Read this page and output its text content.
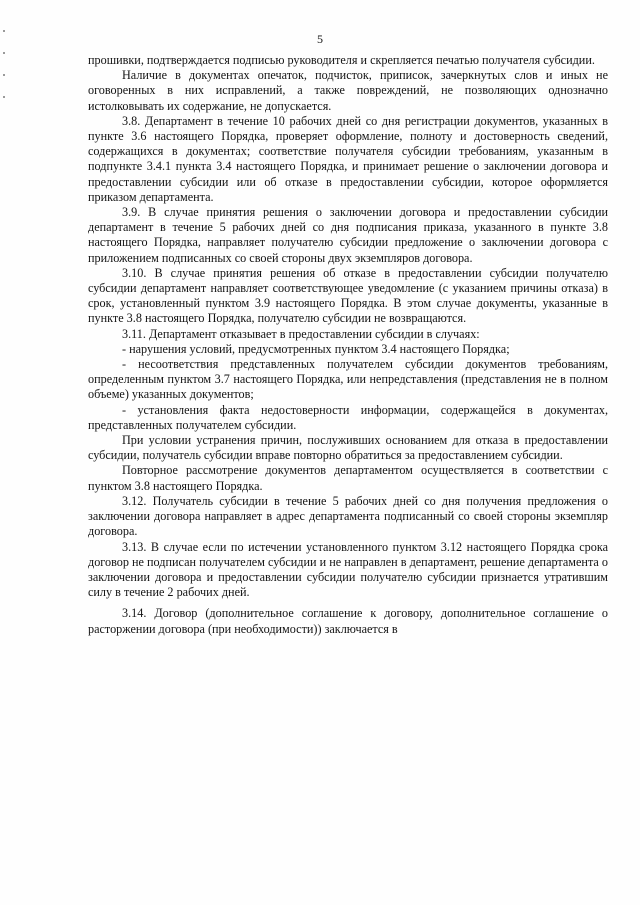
5

прошивки, подтверждается подписью руководителя и скрепляется печатью получателя субсидии.

Наличие в документах опечаток, подчисток, приписок, зачеркнутых слов и иных не оговоренных в них исправлений, а также повреждений, не позволяющих однозначно истолковывать их содержание, не допускается.

3.8. Департамент в течение 10 рабочих дней со дня регистрации документов, указанных в пункте 3.6 настоящего Порядка, проверяет оформление, полноту и достоверность сведений, содержащихся в документах; соответствие получателя субсидии требованиям, указанным в подпункте 3.4.1 пункта 3.4 настоящего Порядка, и принимает решение о заключении договора и предоставлении субсидии или об отказе в предоставлении субсидии, которое оформляется приказом департамента.

3.9. В случае принятия решения о заключении договора и предоставлении субсидии департамент в течение 5 рабочих дней со дня подписания приказа, указанного в пункте 3.8 настоящего Порядка, направляет получателю субсидии предложение о заключении договора с приложением подписанных со своей стороны двух экземпляров договора.

3.10. В случае принятия решения об отказе в предоставлении субсидии получателю субсидии департамент направляет соответствующее уведомление (с указанием причины отказа) в срок, установленный пунктом 3.9 настоящего Порядка. В этом случае документы, указанные в пункте 3.8 настоящего Порядка, получателю субсидии не возвращаются.

3.11. Департамент отказывает в предоставлении субсидии в случаях:

- нарушения условий, предусмотренных пунктом 3.4 настоящего Порядка;

- несоответствия представленных получателем субсидии документов требованиям, определенным пунктом 3.7 настоящего Порядка, или непредставления (представления не в полном объеме) указанных документов;

- установления факта недостоверности информации, содержащейся в документах, представленных получателем субсидии.

При условии устранения причин, послуживших основанием для отказа в предоставлении субсидии, получатель субсидии вправе повторно обратиться за предоставлением субсидии.

Повторное рассмотрение документов департаментом осуществляется в соответствии с пунктом 3.8 настоящего Порядка.

3.12. Получатель субсидии в течение 5 рабочих дней со дня получения предложения о заключении договора направляет в адрес департамента подписанный со своей стороны экземпляр договора.

3.13. В случае если по истечении установленного пунктом 3.12 настоящего Порядка срока договор не подписан получателем субсидии и не направлен в департамент, решение департамента о заключении договора и предоставлении субсидии получателю субсидии признается утратившим силу в течение 2 рабочих дней.

3.14. Договор (дополнительное соглашение к договору, дополнительное соглашение о расторжении договора (при необходимости)) заключается в
